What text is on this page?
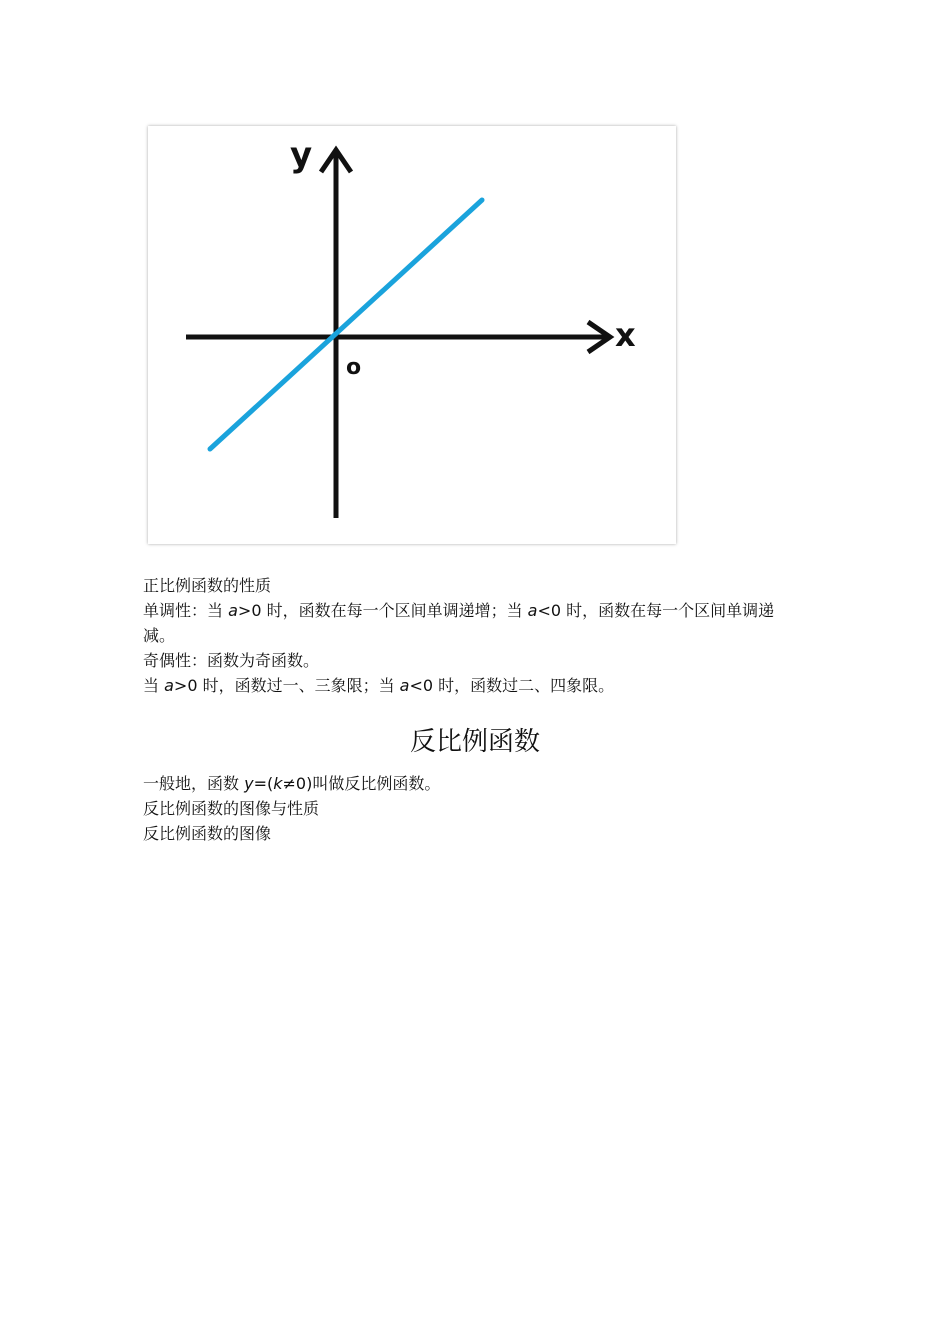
y
x
o

正比例函数的性质

单调性：当 a>0 时，函数在每一个区间单调递增；当 a<0 时，函数在每一个区间单调递

减。

奇偶性：函数为奇函数。

当 a>0 时，函数过一、三象限；当 a<0 时，函数过二、四象限。

反比例函数

一般地，函数 y=(k≠0)叫做反比例函数。

反比例函数的图像与性质

反比例函数的图像
